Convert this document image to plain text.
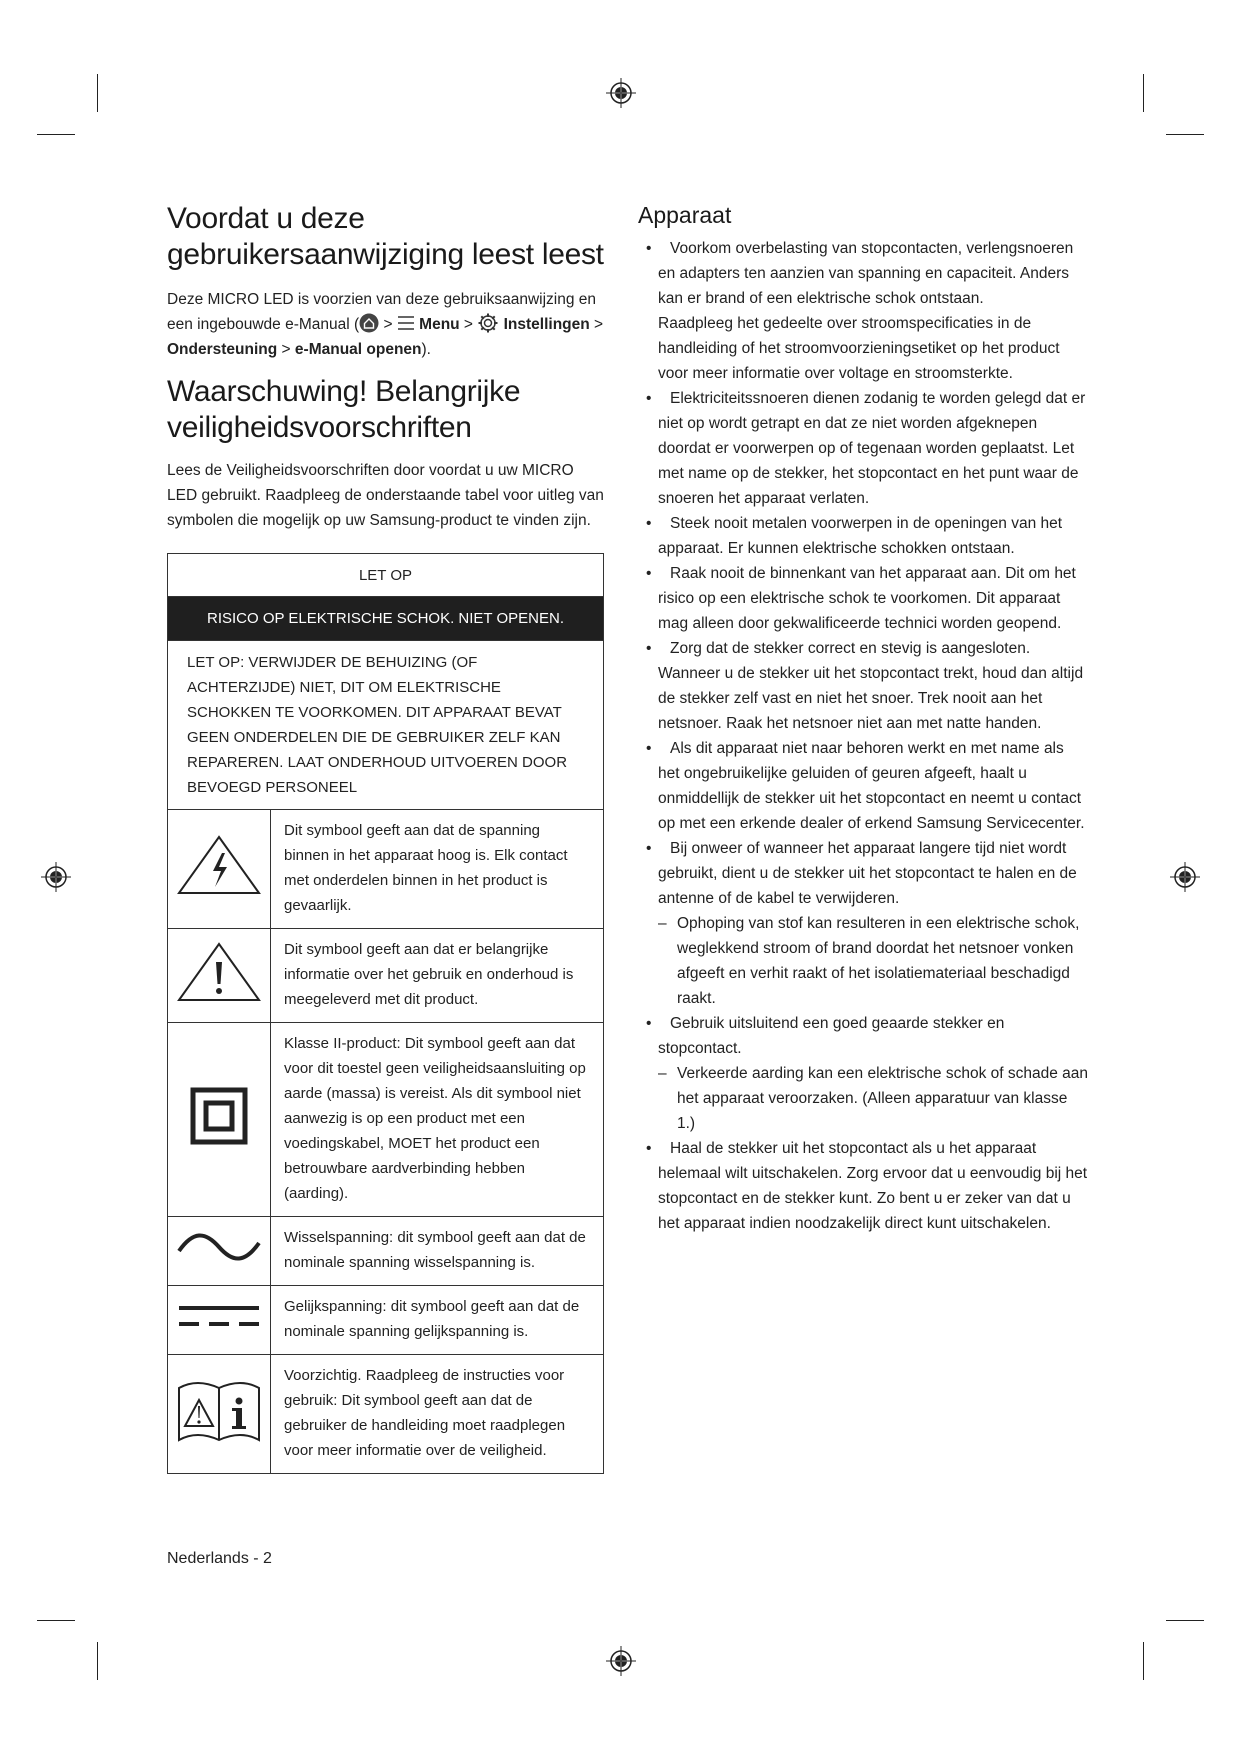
Voordat u deze
gebruikersaanwijziging leest leest
Deze MICRO LED is voorzien van deze gebruiksaanwijzing en een ingebouwde e-Manual ( >  Menu >  Instellingen >
Ondersteuning > e-Manual openen).
Waarschuwing! Belangrijke
veiligheidsvoorschriften
Lees de Veiligheidsvoorschriften door voordat u uw MICRO LED gebruikt. Raadpleeg de onderstaande tabel voor uitleg van symbolen die mogelijk op uw Samsung-product te vinden zijn.
LET OP	
RISICO OP ELEKTRISCHE SCHOK. NIET OPENEN.	
LET OP: VERWIJDER DE BEHUIZING (OF ACHTERZIJDE) NIET, DIT OM ELEKTRISCHE SCHOKKEN TE VOORKOMEN. DIT APPARAAT BEVAT GEEN ONDERDELEN DIE DE GEBRUIKER ZELF KAN REPAREREN. LAAT ONDERHOUD UITVOEREN DOOR BEVOEGD PERSONEEL	
	Dit symbool geeft aan dat de spanning binnen in het apparaat hoog is. Elk contact met onderdelen binnen in het product is gevaarlijk.
	Dit symbool geeft aan dat er belangrijke informatie over het gebruik en onderhoud is meegeleverd met dit product.
	Klasse II-product: Dit symbool geeft aan dat voor dit toestel geen veiligheidsaansluiting op aarde (massa) is vereist. Als dit symbool niet aanwezig is op een product met een voedingskabel, MOET het product een betrouwbare aardverbinding hebben (aarding).
	Wisselspanning: dit symbool geeft aan dat de nominale spanning wisselspanning is.
	Gelijkspanning: dit symbool geeft aan dat de nominale spanning gelijkspanning is.
	Voorzichtig. Raadpleeg de instructies voor gebruik: Dit symbool geeft aan dat de gebruiker de handleiding moet raadplegen voor meer informatie over de veiligheid.
Apparaat
• Voorkom overbelasting van stopcontacten, verlengsnoeren en adapters ten aanzien van spanning en capaciteit. Anders kan er brand of een elektrische schok ontstaan.
Raadpleeg het gedeelte over stroomspecificaties in de handleiding of het stroomvoorzieningsetiket op het product voor meer informatie over voltage en stroomsterkte.
• Elektriciteitssnoeren dienen zodanig te worden gelegd dat er niet op wordt getrapt en dat ze niet worden afgeknepen doordat er voorwerpen op of tegenaan worden geplaatst. Let met name op de stekker, het stopcontact en het punt waar de snoeren het apparaat verlaten.
• Steek nooit metalen voorwerpen in de openingen van het apparaat. Er kunnen elektrische schokken ontstaan.
• Raak nooit de binnenkant van het apparaat aan. Dit om het risico op een elektrische schok te voorkomen. Dit apparaat mag alleen door gekwalificeerde technici worden geopend.
• Zorg dat de stekker correct en stevig is aangesloten. Wanneer u de stekker uit het stopcontact trekt, houd dan altijd de stekker zelf vast en niet het snoer. Trek nooit aan het netsnoer. Raak het netsnoer niet aan met natte handen.
• Als dit apparaat niet naar behoren werkt en met name als het ongebruikelijke geluiden of geuren afgeeft, haalt u onmiddellijk de stekker uit het stopcontact en neemt u contact op met een erkende dealer of erkend Samsung Servicecenter.
• Bij onweer of wanneer het apparaat langere tijd niet wordt gebruikt, dient u de stekker uit het stopcontact te halen en de antenne of de kabel te verwijderen.
– Ophoping van stof kan resulteren in een elektrische schok, weglekkend stroom of brand doordat het netsnoer vonken afgeeft en verhit raakt of het isolatiemateriaal beschadigd raakt.
• Gebruik uitsluitend een goed geaarde stekker en stopcontact.
– Verkeerde aarding kan een elektrische schok of schade aan het apparaat veroorzaken. (Alleen apparatuur van klasse 1.)
• Haal de stekker uit het stopcontact als u het apparaat helemaal wilt uitschakelen. Zorg ervoor dat u eenvoudig bij het stopcontact en de stekker kunt. Zo bent u er zeker van dat u het apparaat indien noodzakelijk direct kunt uitschakelen.
Nederlands - 2
